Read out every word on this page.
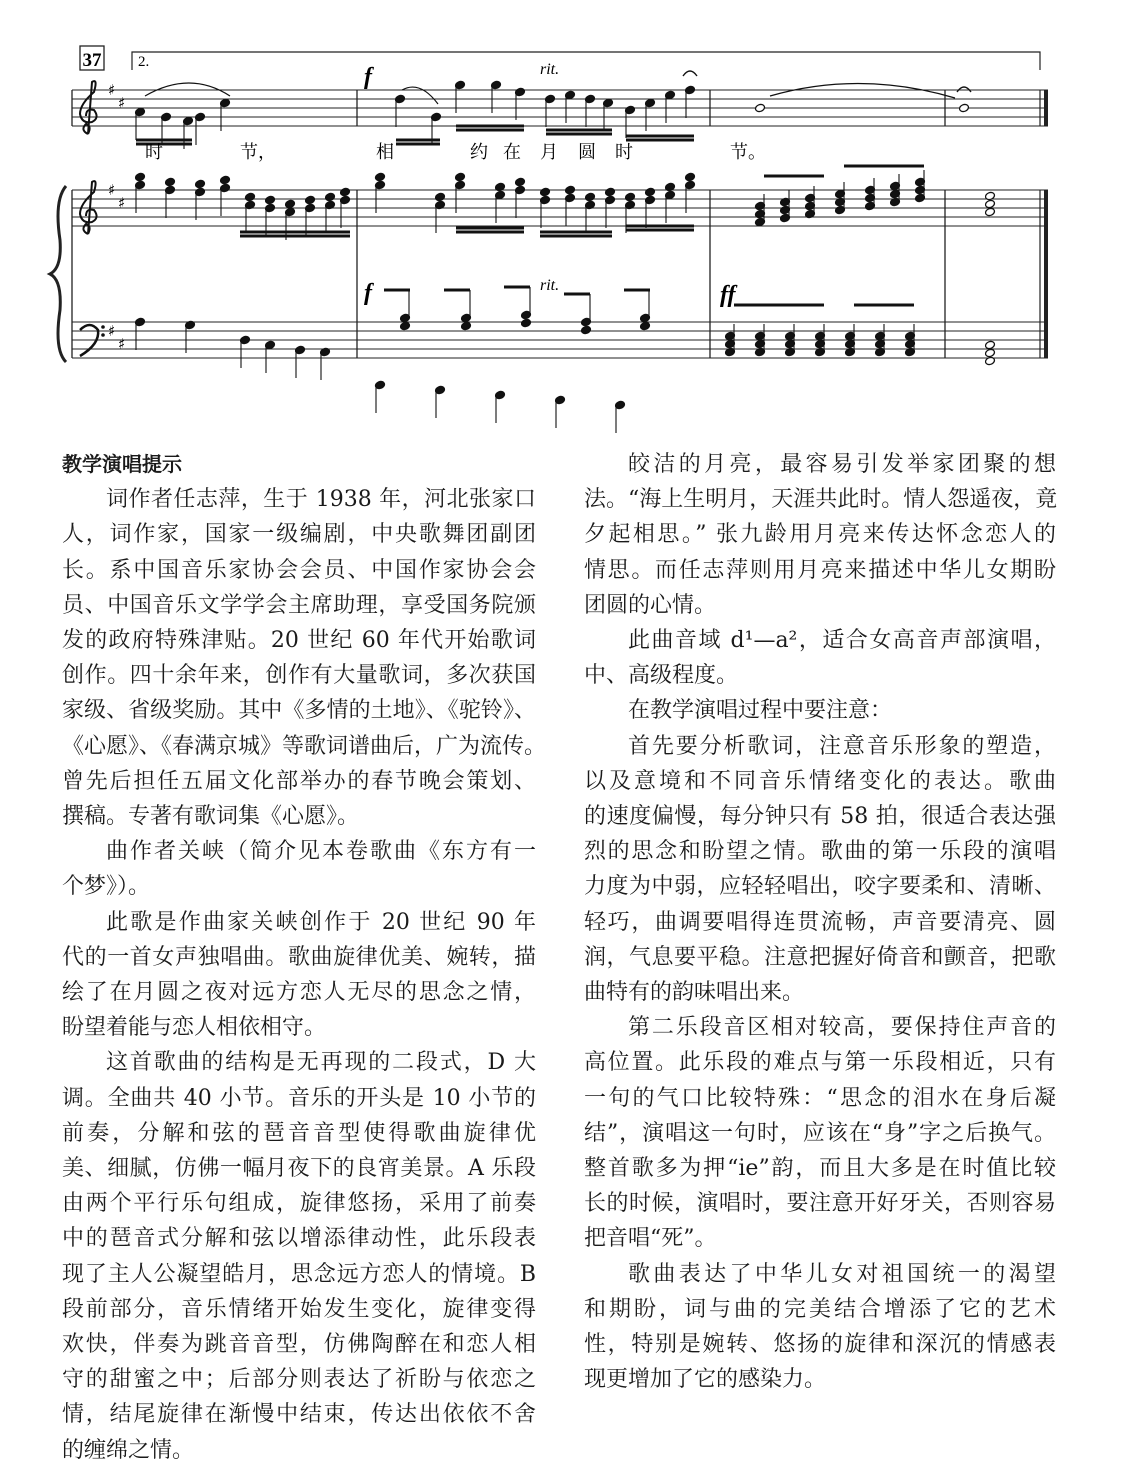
♯
♯
♯
♯
♯
♯
37 2.
f	rit.
f	rit.	ff
时	节，	相	约 在 月 圆 时	节。
教学演唱提示
词作者任志萍，生于 1938 年，河北张家口
人，词作家，国家一级编剧，中央歌舞团副团
长。系中国音乐家协会会员、中国作家协会会
员、中国音乐文学学会主席助理，享受国务院颁
发的政府特殊津贴。20 世纪 60 年代开始歌词
创作。四十余年来，创作有大量歌词，多次获国
家级、省级奖励。其中《多情的土地》、《驼铃》、
《心愿》、《春满京城》等歌词谱曲后，广为流传。
曾先后担任五届文化部举办的春节晚会策划、
撰稿。专著有歌词集《心愿》。
曲作者关峡（简介见本卷歌曲《东方有一
个梦》）。
此歌是作曲家关峡创作于 20 世纪 90 年
代的一首女声独唱曲。歌曲旋律优美、婉转，描
绘了在月圆之夜对远方恋人无尽的思念之情，
盼望着能与恋人相依相守。
这首歌曲的结构是无再现的二段式，D 大
调。全曲共 40 小节。音乐的开头是 10 小节的
前奏，分解和弦的琶音音型使得歌曲旋律优
美、细腻，仿佛一幅月夜下的良宵美景。A 乐段
由两个平行乐句组成，旋律悠扬，采用了前奏
中的琶音式分解和弦以增添律动性，此乐段表
现了主人公凝望皓月，思念远方恋人的情境。B
段前部分，音乐情绪开始发生变化，旋律变得
欢快，伴奏为跳音音型，仿佛陶醉在和恋人相
守的甜蜜之中；后部分则表达了祈盼与依恋之
情，结尾旋律在渐慢中结束，传达出依依不舍
的缠绵之情。
皎洁的月亮，最容易引发举家团聚的想
法。“海上生明月，天涯共此时。情人怨遥夜，竟
夕起相思。” 张九龄用月亮来传达怀念恋人的
情思。而任志萍则用月亮来描述中华儿女期盼
团圆的心情。
此曲音域 d¹—a²，适合女高音声部演唱，
中、高级程度。
在教学演唱过程中要注意：
首先要分析歌词，注意音乐形象的塑造，
以及意境和不同音乐情绪变化的表达。歌曲
的速度偏慢，每分钟只有 58 拍，很适合表达强
烈的思念和盼望之情。歌曲的第一乐段的演唱
力度为中弱，应轻轻唱出，咬字要柔和、清晰、
轻巧，曲调要唱得连贯流畅，声音要清亮、圆
润，气息要平稳。注意把握好倚音和颤音，把歌
曲特有的韵味唱出来。
第二乐段音区相对较高，要保持住声音的
高位置。此乐段的难点与第一乐段相近，只有
一句的气口比较特殊：“思念的泪水在身后凝
结”，演唱这一句时，应该在“身”字之后换气。
整首歌多为押“ie”韵，而且大多是在时值比较
长的时候，演唱时，要注意开好牙关，否则容易
把音唱“死”。
歌曲表达了中华儿女对祖国统一的渴望
和期盼，词与曲的完美结合增添了它的艺术
性，特别是婉转、悠扬的旋律和深沉的情感表
现更增加了它的感染力。
